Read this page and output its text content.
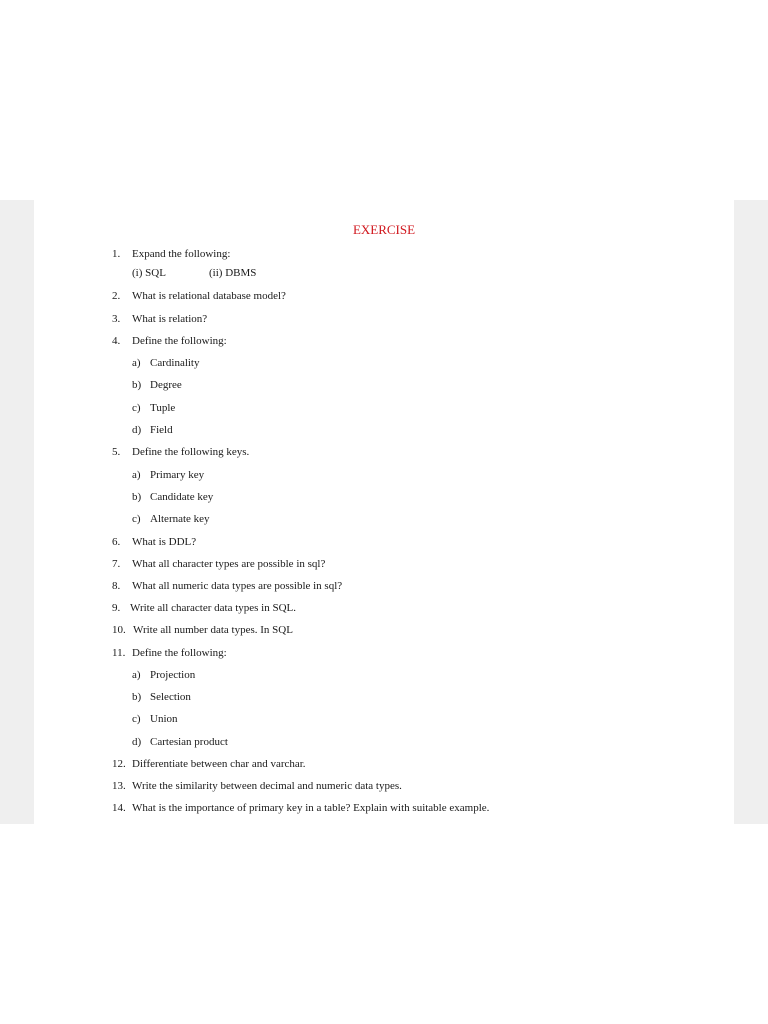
EXERCISE
1. Expand the following:
(i) SQL	(ii) DBMS
2. What is relational database model?
3. What is relation?
4. Define the following:
a) Cardinality
b) Degree
c) Tuple
d) Field
5. Define the following keys.
a) Primary key
b) Candidate key
c) Alternate key
6. What is DDL?
7. What all character types are possible in sql?
8. What all numeric data types are possible in sql?
9. Write all character data types in SQL.
10. Write all number data types. In SQL
11. Define the following:
a) Projection
b) Selection
c) Union
d) Cartesian product
12. Differentiate between char and varchar.
13. Write the similarity between decimal and numeric data types.
14. What is the importance of primary key in a table? Explain with suitable example.
